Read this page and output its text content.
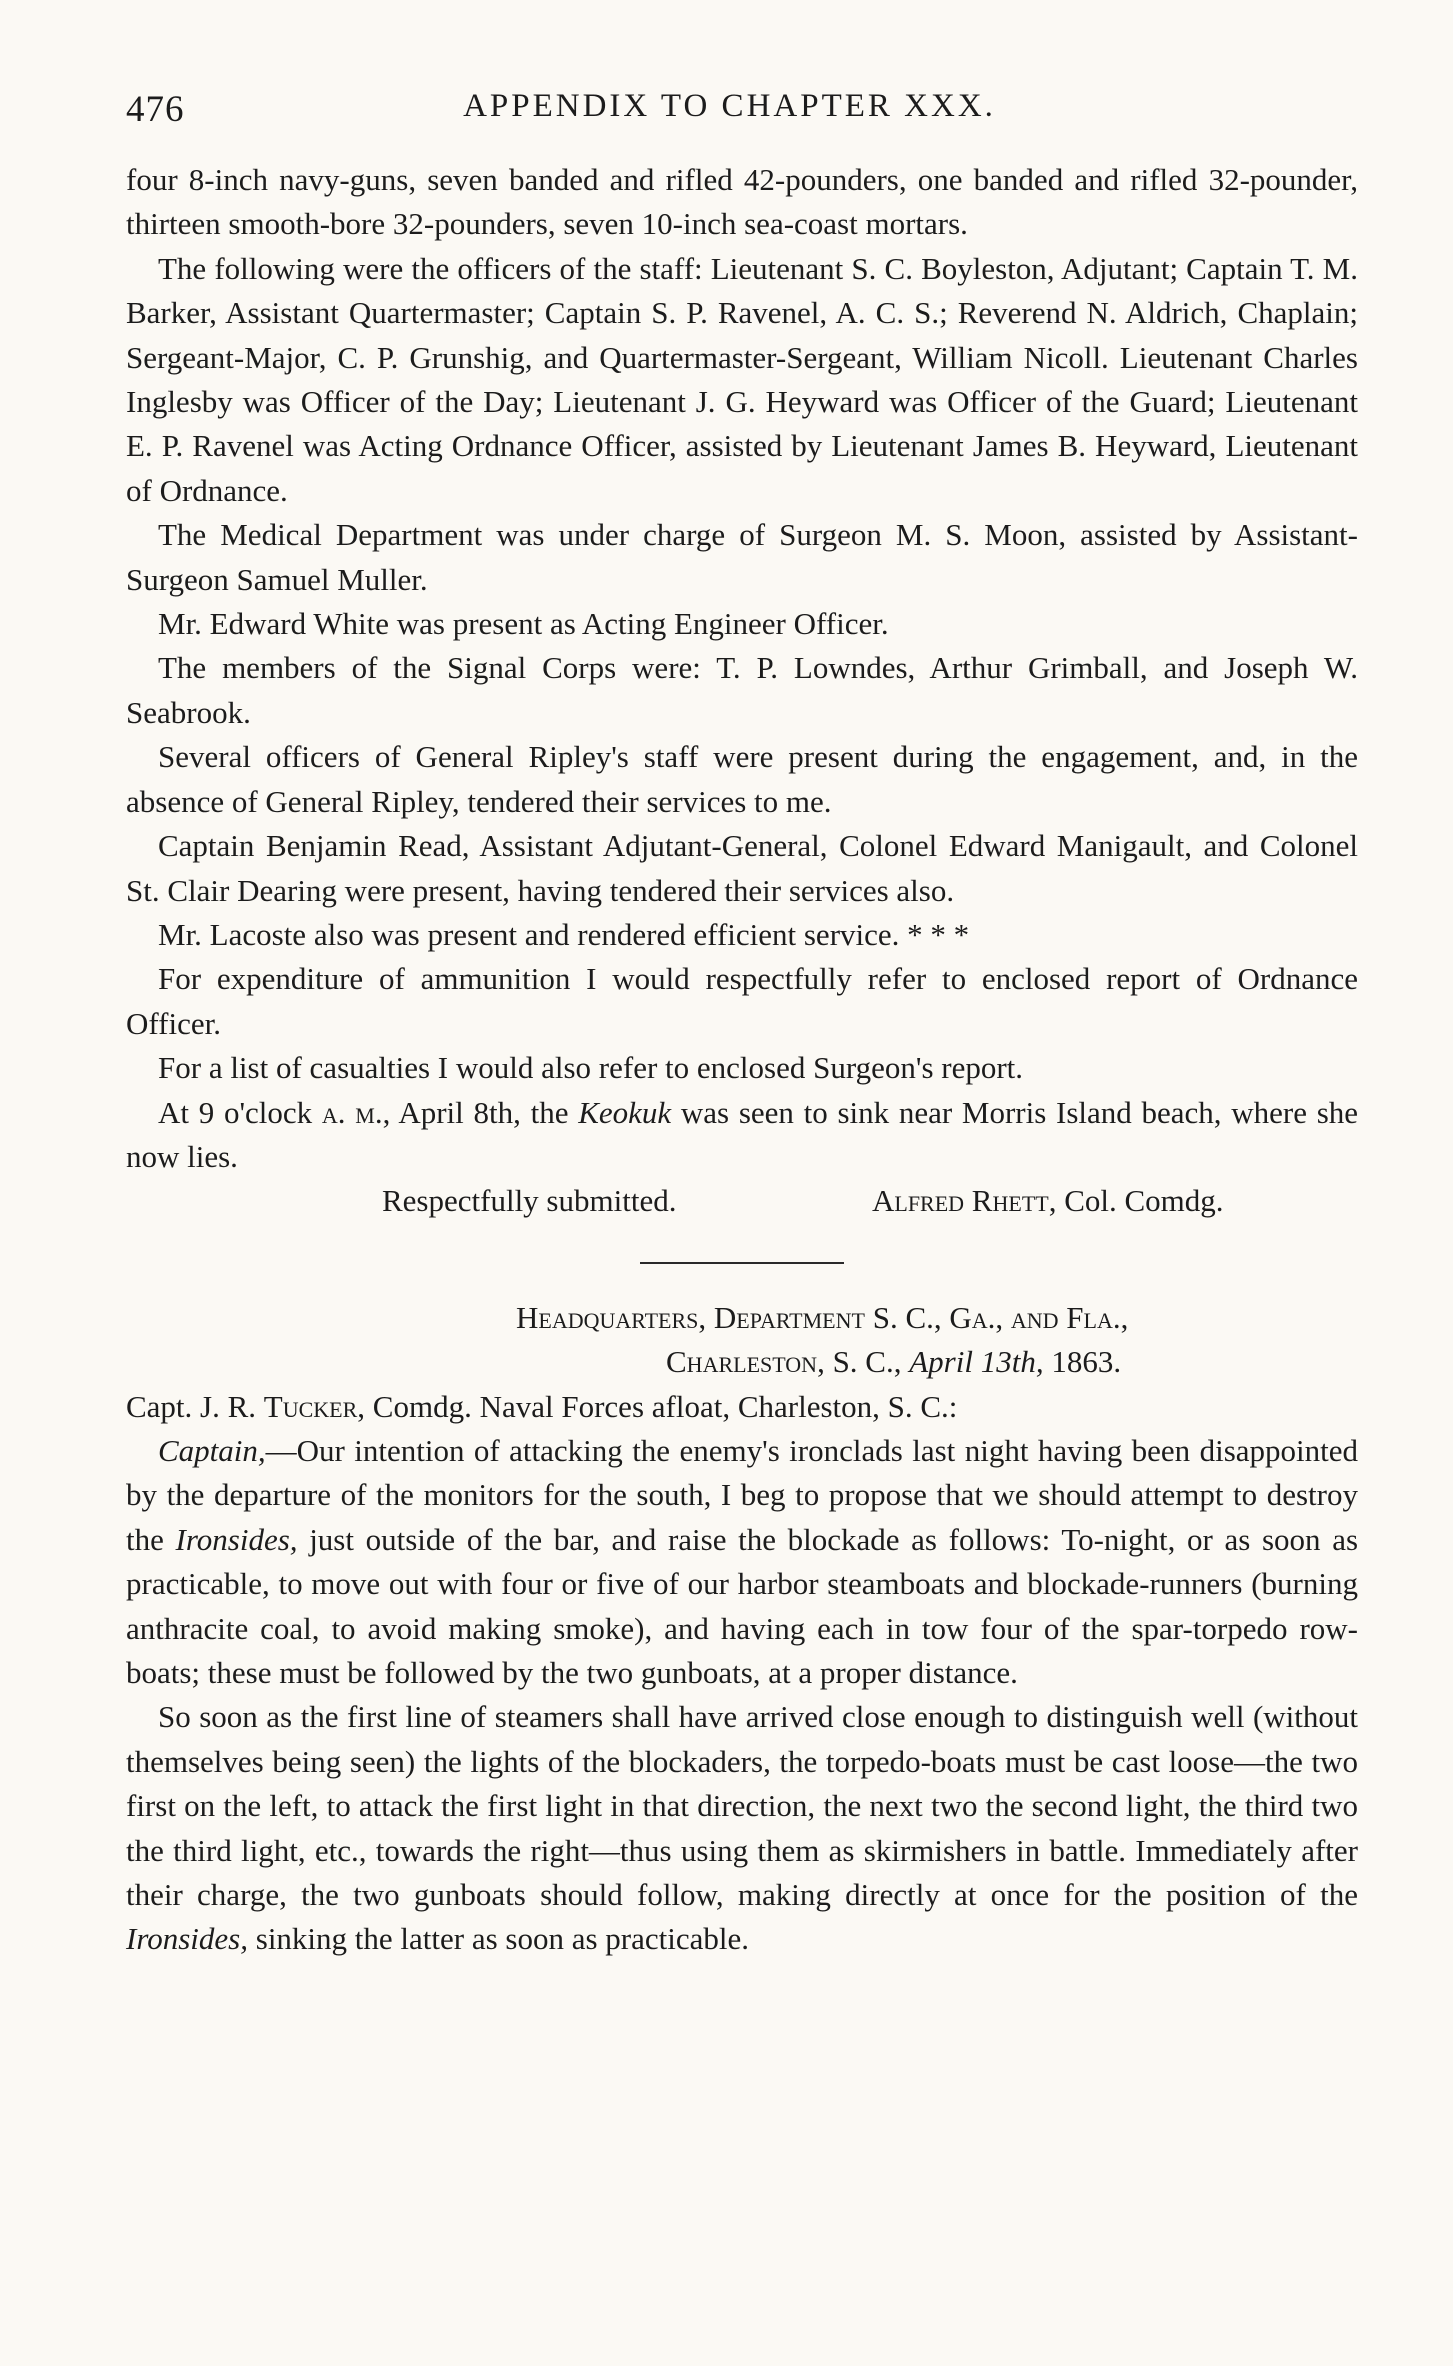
476	APPENDIX TO CHAPTER XXX.

four 8-inch navy-guns, seven banded and rifled 42-pounders, one banded and rifled 32-pounder, thirteen smooth-bore 32-pounders, seven 10-inch sea-coast mortars.

The following were the officers of the staff: Lieutenant S. C. Boyleston, Adjutant; Captain T. M. Barker, Assistant Quartermaster; Captain S. P. Ravenel, A. C. S.; Reverend N. Aldrich, Chaplain; Sergeant-Major, C. P. Grunshig, and Quartermaster-Sergeant, William Nicoll. Lieutenant Charles Inglesby was Officer of the Day; Lieutenant J. G. Heyward was Officer of the Guard; Lieutenant E. P. Ravenel was Acting Ordnance Officer, assisted by Lieutenant James B. Heyward, Lieutenant of Ordnance.

The Medical Department was under charge of Surgeon M. S. Moon, assisted by Assistant-Surgeon Samuel Muller.

Mr. Edward White was present as Acting Engineer Officer.

The members of the Signal Corps were: T. P. Lowndes, Arthur Grimball, and Joseph W. Seabrook.

Several officers of General Ripley's staff were present during the engagement, and, in the absence of General Ripley, tendered their services to me.

Captain Benjamin Read, Assistant Adjutant-General, Colonel Edward Manigault, and Colonel St. Clair Dearing were present, having tendered their services also.

Mr. Lacoste also was present and rendered efficient service. * * *

For expenditure of ammunition I would respectfully refer to enclosed report of Ordnance Officer.

For a list of casualties I would also refer to enclosed Surgeon's report.

At 9 o'clock a. m., April 8th, the Keokuk was seen to sink near Morris Island beach, where she now lies.

Respectfully submitted.	Alfred Rhett, Col. Comdg.

Headquarters, Department S. C., Ga., and Fla.,

Charleston, S. C., April 13th, 1863.

Capt. J. R. Tucker, Comdg. Naval Forces afloat, Charleston, S. C.:

Captain,—Our intention of attacking the enemy's ironclads last night having been disappointed by the departure of the monitors for the south, I beg to propose that we should attempt to destroy the Ironsides, just outside of the bar, and raise the blockade as follows: To-night, or as soon as practicable, to move out with four or five of our harbor steamboats and blockade-runners (burning anthracite coal, to avoid making smoke), and having each in tow four of the spar-torpedo row-boats; these must be followed by the two gunboats, at a proper distance.

So soon as the first line of steamers shall have arrived close enough to distinguish well (without themselves being seen) the lights of the blockaders, the torpedo-boats must be cast loose—the two first on the left, to attack the first light in that direction, the next two the second light, the third two the third light, etc., towards the right—thus using them as skirmishers in battle. Immediately after their charge, the two gunboats should follow, making directly at once for the position of the Ironsides, sinking the latter as soon as practicable.
